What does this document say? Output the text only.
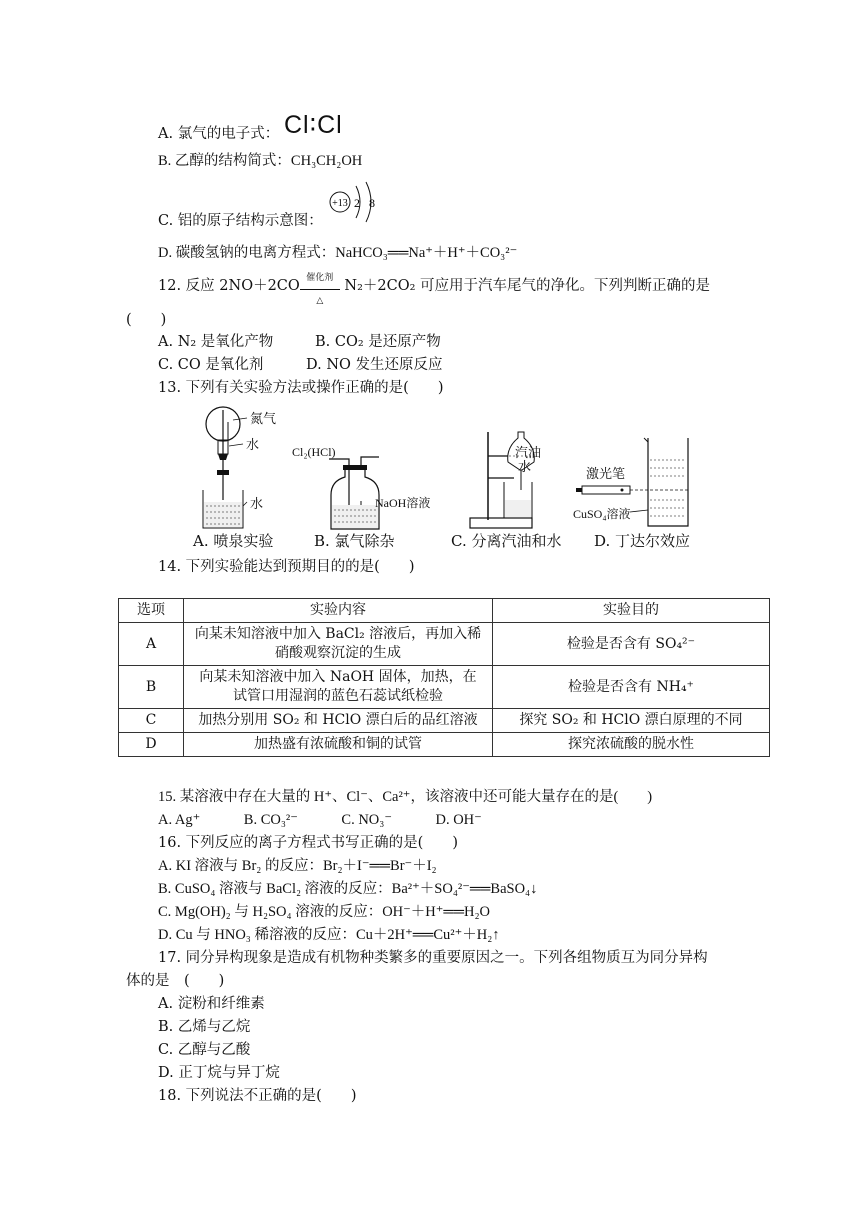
A. 氯气的电子式： Cl∶Cl
B. 乙醇的结构简式：CH₃CH₂OH
C. 铝的原子结构示意图：
+13 2 8
D. 碳酸氢钠的电离方程式：NaHCO₃══Na⁺＋H⁺＋CO₃²⁻
12. 反应 2NO＋2CO 催化剂
△
N₂＋2CO₂ 可应用于汽车尾气的净化。下列判断正确的是
(　　)
A. N₂ 是氧化产物	B. CO₂ 是还原产物
C. CO 是氧化剂	D. NO 发生还原反应
13. 下列有关实验方法或操作正确的是(　　)
氮气
水
水
Cl₂(HCl)
NaOH溶液
汽油
水	激光笔
CuSO₄溶液
A. 喷泉实验	B. 氯气除杂	C. 分离汽油和水 D. 丁达尔效应
14. 下列实验能达到预期目的的是(　　)
选项	实验内容	实验目的
A	向某未知溶液中加入 BaCl₂ 溶液后，再加入稀
硝酸观察沉淀的生成	检验是否含有 SO₄²⁻
B	向某未知溶液中加入 NaOH 固体，加热，在
试管口用湿润的蓝色石蕊试纸检验	检验是否含有 NH₄⁺
C	加热分别用 SO₂ 和 HClO 漂白后的品红溶液	探究 SO₂ 和 HClO 漂白原理的不同
D	加热盛有浓硫酸和铜的试管	探究浓硫酸的脱水性
15. 某溶液中存在大量的 H⁺、Cl⁻、Ca²⁺，该溶液中还可能大量存在的是(　　)
A. Ag⁺　　　B. CO₃²⁻　　　C. NO₃⁻　　　D. OH⁻
16. 下列反应的离子方程式书写正确的是(　　)
A. KI 溶液与 Br₂ 的反应：Br₂＋I⁻══Br⁻＋I₂
B. CuSO₄ 溶液与 BaCl₂ 溶液的反应：Ba²⁺＋SO₄²⁻══BaSO₄↓
C. Mg(OH)₂ 与 H₂SO₄ 溶液的反应：OH⁻＋H⁺══H₂O
D. Cu 与 HNO₃ 稀溶液的反应：Cu＋2H⁺══Cu²⁺＋H₂↑
17. 同分异构现象是造成有机物种类繁多的重要原因之一。下列各组物质互为同分异构
体的是　(　　)
A. 淀粉和纤维素
B. 乙烯与乙烷
C. 乙醇与乙酸
D. 正丁烷与异丁烷
18. 下列说法不正确的是(　　)
